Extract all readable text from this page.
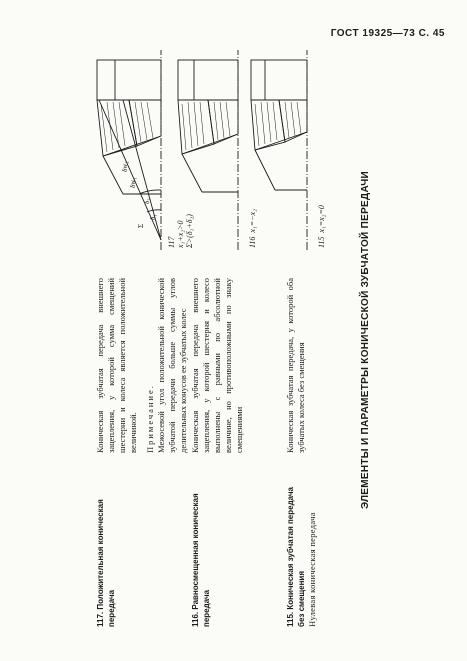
ГОСТ 19325—73 С. 45
ЭЛЕМЕНТЫ И ПАРАМЕТРЫ КОНИЧЕСКОЙ ЗУБЧАТОЙ ПЕРЕДАЧИ
115. Коническая зубчатая передача без смещения Нулевая коническая передача
Коническая зубчатая передача, у которой оба зубчатых колеса без смещения
115 x₁=x₂=0
116. Равносмещенная коническая передача
Коническая зубчатая передача внешнего зацепления, у которой шестерня и колесо выполнены с равными по абсолютной величине, но противоположными по знаку смещениями
116 x₁=−x₂
117. Положительная коническая передача
Коническая зубчатая передача внешнего зацепления, у которой сумма смещений шестерни и колеса является положительной величиной. Примечание. Межосевой угол положительной конической зубчатой передачи больше суммы углов делительных конусов ее зубчатых колес
δ₁
δ₂
δw₁
δw₂
Σ
117 x₁+x₂>0 Σ>(δ₁+δ₂)
